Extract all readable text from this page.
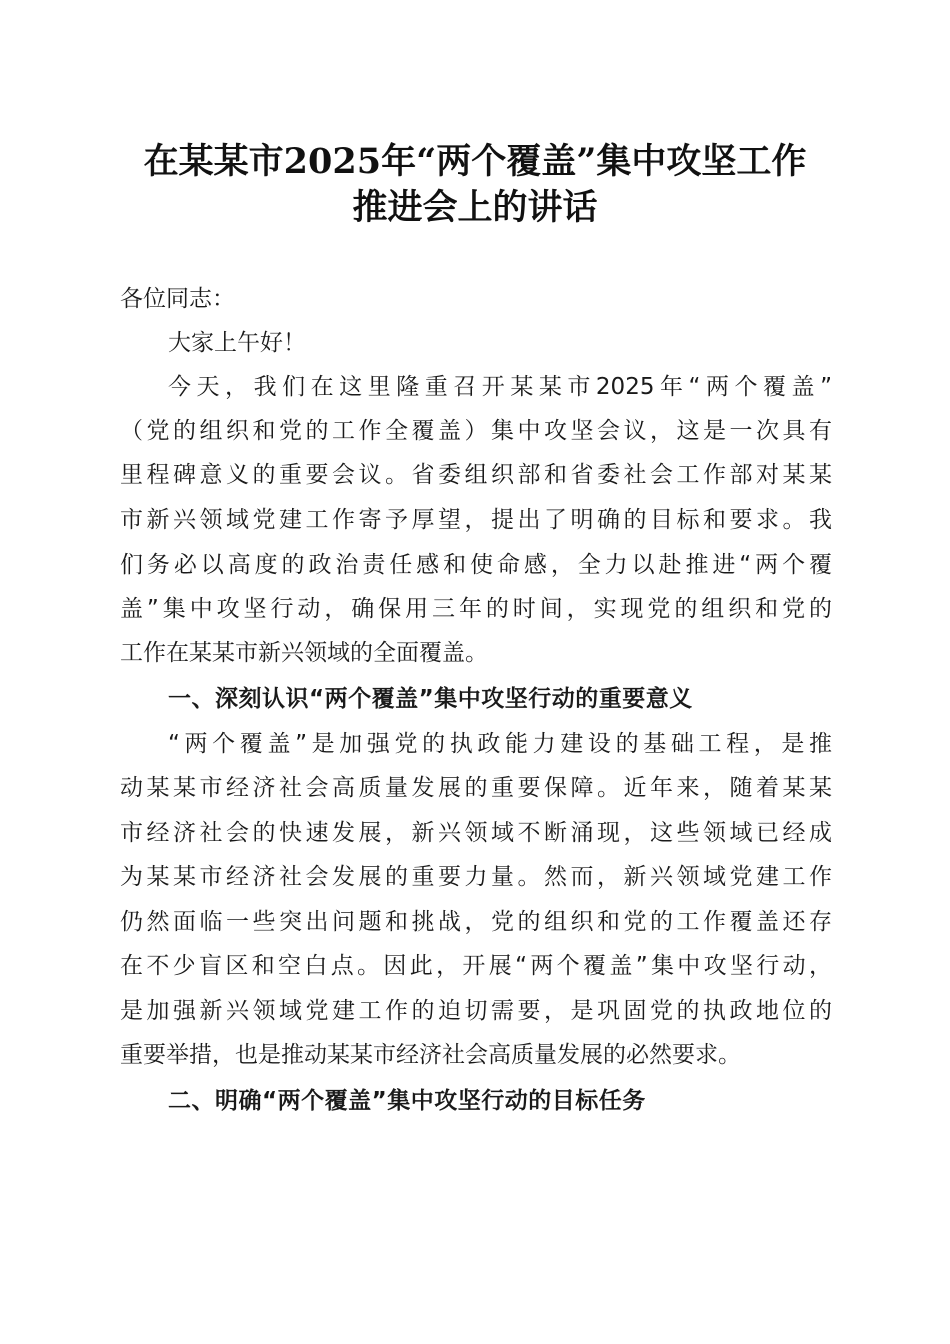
在某某市2025年“两个覆盖”集中攻坚工作
推进会上的讲话

各位同志：

大家上午好！

今天，我们在这里隆重召开某某市2025年“两个覆盖”

（党的组织和党的工作全覆盖）集中攻坚会议，这是一次具有

里程碑意义的重要会议。省委组织部和省委社会工作部对某某

市新兴领域党建工作寄予厚望，提出了明确的目标和要求。我

们务必以高度的政治责任感和使命感，全力以赴推进“两个覆

盖”集中攻坚行动，确保用三年的时间，实现党的组织和党的

工作在某某市新兴领域的全面覆盖。

一、深刻认识“两个覆盖”集中攻坚行动的重要意义

“两个覆盖”是加强党的执政能力建设的基础工程，是推

动某某市经济社会高质量发展的重要保障。近年来，随着某某

市经济社会的快速发展，新兴领域不断涌现，这些领域已经成

为某某市经济社会发展的重要力量。然而，新兴领域党建工作

仍然面临一些突出问题和挑战，党的组织和党的工作覆盖还存

在不少盲区和空白点。因此，开展“两个覆盖”集中攻坚行动，

是加强新兴领域党建工作的迫切需要，是巩固党的执政地位的

重要举措，也是推动某某市经济社会高质量发展的必然要求。

二、明确“两个覆盖”集中攻坚行动的目标任务
